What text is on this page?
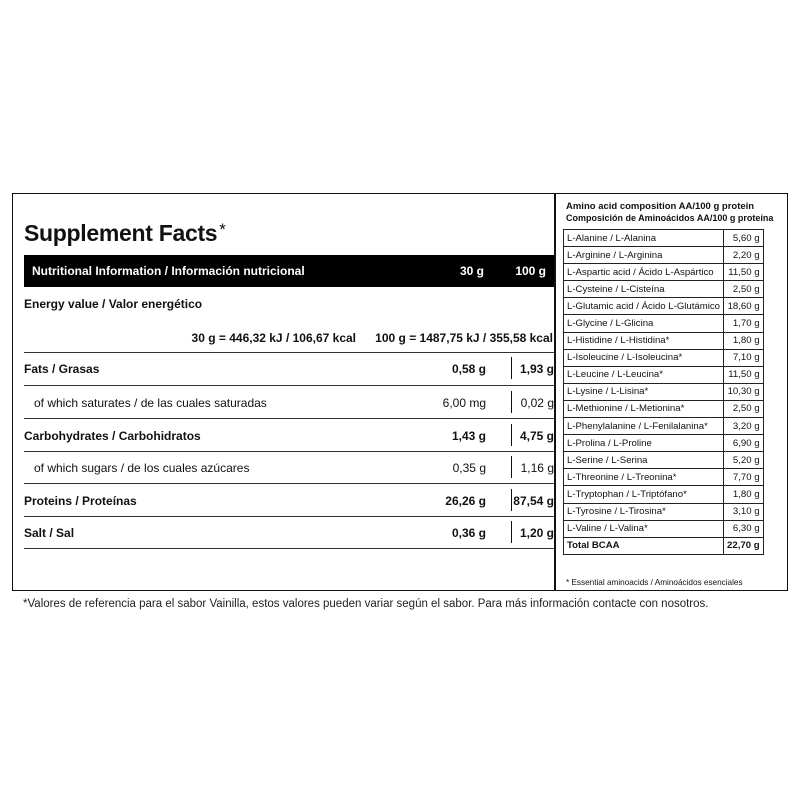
Supplement Facts *
Nutritional Information / Información nutricional	30 g	100 g
Energy value / Valor energético
30 g = 446,32 kJ / 106,67 kcal	100 g = 1487,75 kJ / 355,58 kcal
Fats / Grasas	0,58 g	1,93 g
of which saturates / de las cuales saturadas	6,00 mg	0,02 g
Carbohydrates / Carbohidratos	1,43 g	4,75 g
of which sugars / de los cuales azúcares	0,35 g	1,16 g
Proteins / Proteínas	26,26 g 87,54 g
Salt / Sal	0,36 g	1,20 g
Amino acid composition AA/100 g protein
Composición de Aminoácidos AA/100 g proteína
L-Alanine / L-Alanina	5,60 g
L-Arginine / L-Arginina	2,20 g
L-Aspartic acid / Ácido L-Aspártico	11,50 g
L-Cysteine / L-Cisteína	2,50 g
L-Glutamic acid / Ácido L-Glutámico	18,60 g
L-Glycine / L-Glicina	1,70 g
L-Histidine / L-Histidina*	1,80 g
L-Isoleucine / L-Isoleucina*	7,10 g
L-Leucine / L-Leucina*	11,50 g
L-Lysine / L-Lisina*	10,30 g
L-Methionine / L-Metionina*	2,50 g
L-Phenylalanine / L-Fenilalanina*	3,20 g
L-Prolina / L-Proline	6,90 g
L-Serine / L-Serina	5,20 g
L-Threonine / L-Treonina*	7,70 g
L-Tryptophan / L-Triptófano*	1,80 g
L-Tyrosine / L-Tirosina*	3,10 g
L-Valine / L-Valina*	6,30 g
Total BCAA	22,70 g
* Essential aminoacids / Aminoácidos esenciales
*Valores de referencia para el sabor Vainilla, estos valores pueden variar según el sabor. Para más información contacte con nosotros.
